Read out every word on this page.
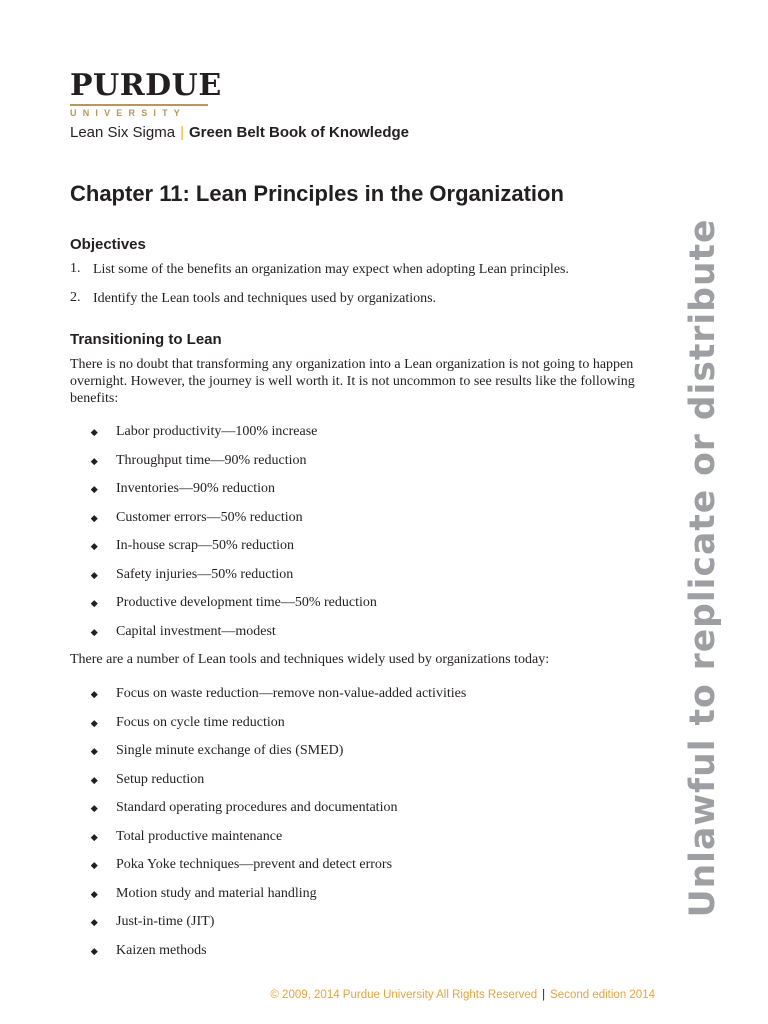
PURDUE
UNIVERSITY
Lean Six Sigma | Green Belt Book of Knowledge
Chapter 11: Lean Principles in the Organization
Objectives
1. List some of the benefits an organization may expect when adopting Lean principles.
2. Identify the Lean tools and techniques used by organizations.
Transitioning to Lean
There is no doubt that transforming any organization into a Lean organization is not going to happen
overnight. However, the journey is well worth it. It is not uncommon to see results like the following
benefits:
Labor productivity—100% increase
Throughput time—90% reduction
Inventories—90% reduction
Customer errors—50% reduction
In-house scrap—50% reduction
Safety injuries—50% reduction
Productive development time—50% reduction
Capital investment—modest
There are a number of Lean tools and techniques widely used by organizations today:
Focus on waste reduction—remove non-value-added activities
Focus on cycle time reduction
Single minute exchange of dies (SMED)
Setup reduction
Standard operating procedures and documentation
Total productive maintenance
Poka Yoke techniques—prevent and detect errors
Motion study and material handling
Just-in-time (JIT)
Kaizen methods
Unlawful to replicate or distribute
© 2009, 2014 Purdue University All Rights Reserved | Second edition 2014
